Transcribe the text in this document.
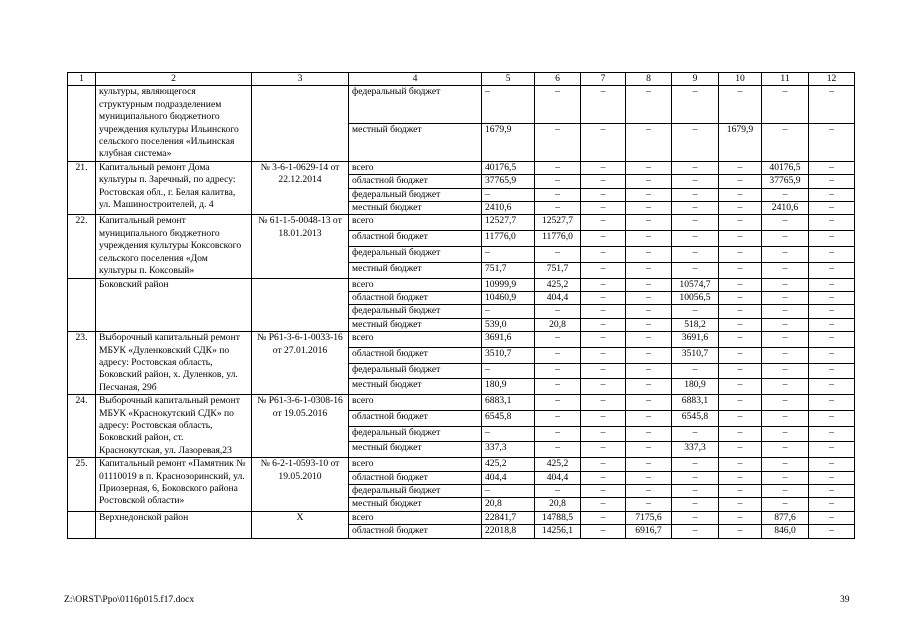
1	2	3	4	5	6	7	8	9	10	11	12
	культуры, являющегося структурным подразделением муниципального бюджетного учреждения культуры Ильинского сельского поселения «Ильинская клубная система»		федеральный бюджет	–	–	–	–	–	–	–	–
			местный бюджет	1679,9	–	–	–	–	1679,9	–	–
21.	Капитальный ремонт Дома культуры п. Заречный, по адресу: Ростовская обл., г. Белая калитва, ул. Машиностроителей, д. 4	№ 3-6-1-0629-14 от 22.12.2014	всего	40176,5	–	–	–	–	–	40176,5	–
			областной бюджет	37765,9	–	–	–	–	–	37765,9	–
			федеральный бюджет	–	–	–	–	–	–	–	–
			местный бюджет	2410,6	–	–	–	–	–	2410,6	–
22.	Капитальный ремонт муниципального бюджетного учреждения культуры Коксовского сельского поселения «Дом культуры п. Коксовый»	№ 61-1-5-0048-13 от 18.01.2013	всего	12527,7	12527,7	–	–	–	–	–	–
			областной бюджет	11776,0	11776,0	–	–	–	–	–	–
			федеральный бюджет	–	–	–	–	–	–	–	–
			местный бюджет	751,7	751,7	–	–	–	–	–	–
	Боковский район		всего	10999,9	425,2	–	–	10574,7	–	–	–
			областной бюджет	10460,9	404,4	–	–	10056,5	–	–	–
			федеральный бюджет	–	–	–	–	–	–	–	–
			местный бюджет	539,0	20,8	–	–	518,2	–	–	–
23.	Выборочный капитальный ремонт МБУК «Дуленковский СДК» по адресу: Ростовская область, Боковский район, х. Дуленков, ул. Песчаная, 29б	№ Р61-3-6-1-0033-16 от 27.01.2016	всего	3691,6	–	–	–	3691,6	–	–	–
			областной бюджет	3510,7	–	–	–	3510,7	–	–	–
			федеральный бюджет	–	–	–	–	–	–	–	–
			местный бюджет	180,9	–	–	–	180,9	–	–	–
24.	Выборочный капитальный ремонт МБУК «Краснокутский СДК» по адресу: Ростовская область, Боковский район, ст. Краснокутская, ул. Лазоревая,23	№ Р61-3-6-1-0308-16 от 19.05.2016	всего	6883,1	–	–	–	6883,1	–	–	–
			областной бюджет	6545,8	–	–	–	6545,8	–	–	–
			федеральный бюджет	–	–	–	–	–	–	–	–
			местный бюджет	337,3	–	–	–	337,3	–	–	–
25.	Капитальный ремонт «Памятник № 01110019 в п. Краснозоринский, ул. Приозерная, 6, Боковского района Ростовской области»	№ 6-2-1-0593-10 от 19.05.2010	всего	425,2	425,2	–	–	–	–	–	–
			областной бюджет	404,4	404,4	–	–	–	–	–	–
			федеральный бюджет	–	–	–	–	–	–	–	–
			местный бюджет	20,8	20,8	–	–	–	–	–	–
	Верхнедонской район	Х	всего	22841,7	14788,5	–	7175,6	–	–	877,6	–
			областной бюджет	22018,8	14256,1	–	6916,7	–	–	846,0	–
Z:\ORST\Ppo\0116p015.f17.docx	39
